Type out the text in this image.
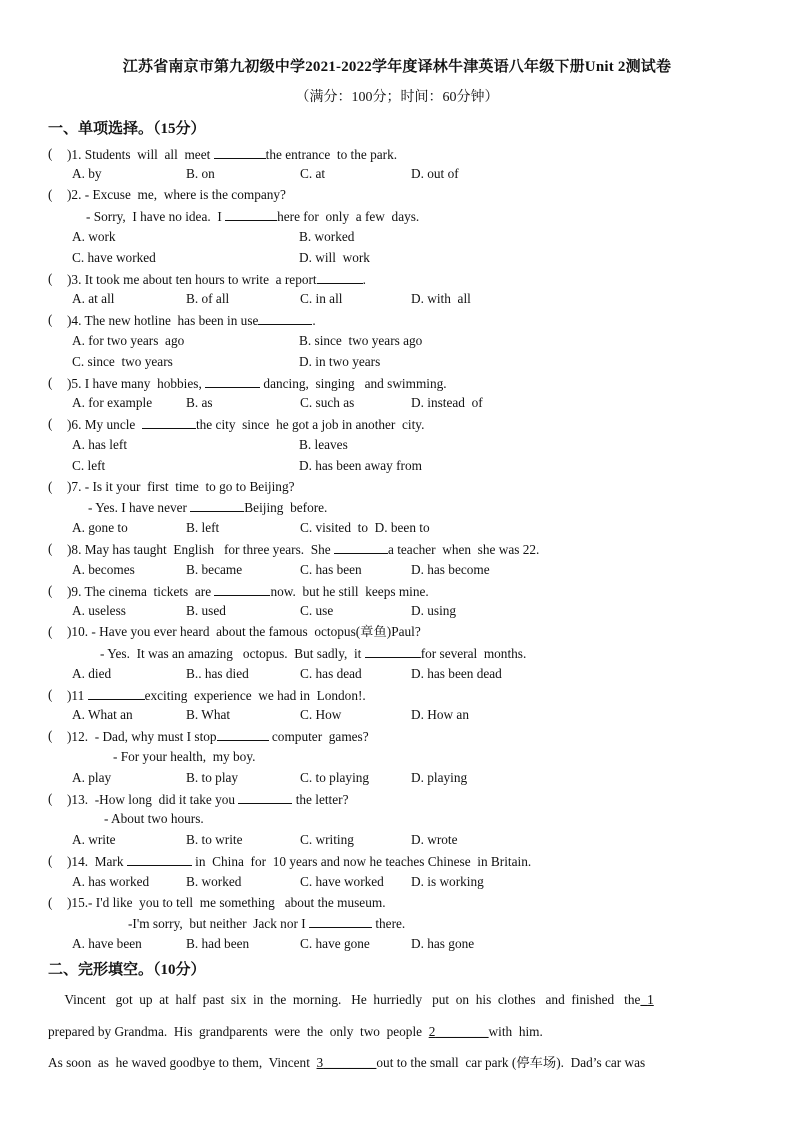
江苏省南京市第九初级中学2021-2022学年度译林牛津英语八年级下册Unit 2测试卷
（满分：100分；时间：60分钟）
一、单项选择。（15分）
( )1. Students  will  all  meet	the entrance  to the park.
A. by	B. on	C. at	D. out of
( )2. - Excuse  me,  where is the company?
- Sorry,  I have no idea.  I	here for  only  a few  days.
A. work	B. worked
C. have worked	D. will  work
( )3. It took me about ten hours to write  a report	.
A. at all	B. of all	C. in all	D. with  all
( )4. The new hotline  has been in use	.
A. for two years  ago	B. since  two years ago
C. since  two years	D. in two years
( )5. I have many  hobbies,	dancing,  singing   and swimming.
A. for example	B. as	C. such as	D. instead  of
( )6. My uncle	the city  since  he got a job in another  city.
A. has left	B. leaves
C. left	D. has been away from
( )7. - Is it your  first  time  to go to Beijing?
- Yes. I have never	Beijing  before.
A. gone to	B. left	C. visited  to  D. been to
( )8. May has taught  English   for three years.  She	a teacher  when  she was 22.
A. becomes	B. became	C. has been	D. has become
( )9. The cinema  tickets  are	now.  but he still  keeps mine.
A. useless	B. used	C. use	D. using
( )10. - Have you ever heard  about the famous  octopus(章鱼)Paul?
- Yes.  It was an amazing   octopus.  But sadly,  it	for several  months.
A. died	B.. has died	C. has dead	D. has been dead
( )11	exciting  experience  we had in  London!.
A. What an	B. What	C. How	D. How an
( )12.  - Dad, why must I stop	computer  games?
- For your health,  my boy.
A. play	B. to play	C. to playing	D. playing
( )13.  -How long  did it take you	the letter?
- About two hours.
A. write	B. to write	C. writing	D. wrote
( )14.  Mark	in  China  for  10 years and now he teaches Chinese  in Britain.
A. has worked	B. worked	C. have worked D. is working
( )15.- I'd like  you to tell  me something   about the museum.
-I'm sorry,  but neither  Jack nor I	there.
A. have been	B. had been	C. have gone	D. has gone
二、完形填空。（10分）
Vincent   got  up  at  half  past  six  in  the  morning.   He  hurriedly   put  on  his  clothes   and  finished   the_1
prepared by Grandma.  His  grandparents  were  the  only  two  people  2________with  him.
As soon  as  he waved goodbye to them,  Vincent  3________out to the small  car park (停车场).  Dad’s car was
